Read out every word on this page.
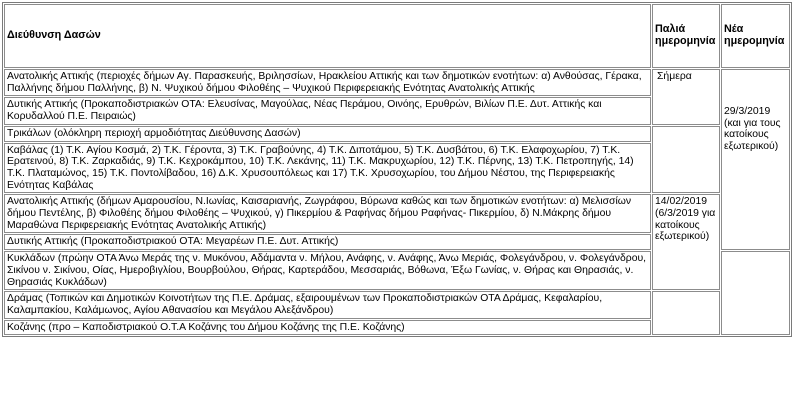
Διεύθυνση Δασών	Παλιά ημερομηνία	Νέα ημερομηνία
Ανατολικής Αττικής (περιοχές δήμων Αγ. Παρασκευής, Βριλησσίων, Ηρακλείου Αττικής και των δημοτικών ενοτήτων: α) Ανθούσας, Γέρακα, Παλλήνης δήμου Παλλήνης, β) Ν. Ψυχικού δήμου Φιλοθέης – Ψυχικού Περιφερειακής Ενότητας Ανατολικής Αττικής	Σήμερα	29/3/2019 (και για τους κατοίκους εξωτερικού)
Δυτικής Αττικής (Προκαποδιστριακών ΟΤΑ: Ελευσίνας, Μαγούλας, Νέας Περάμου, Οινόης, Ερυθρών, Βιλίων Π.Ε. Δυτ. Αττικής και Κορυδαλλού Π.Ε. Πειραιώς)		
Τρικάλων (ολόκληρη περιοχή αρμοδιότητας Διεύθυνσης Δασών)		
Καβάλας (1) Τ.Κ. Αγίου Κοσμά, 2) Τ.Κ. Γέροντα, 3) Τ.Κ. Γραβούνης, 4) Τ.Κ. Διποτάμου, 5) Τ.Κ. Δυσβάτου, 6) Τ.Κ. Ελαφοχωρίου, 7) Τ.Κ. Ερατεινού, 8) Τ.Κ. Ζαρκαδιάς, 9) Τ.Κ. Κεχροκάμπου, 10) Τ.Κ. Λεκάνης, 11) Τ.Κ. Μακρυχωρίου, 12) Τ.Κ. Πέρνης, 13) Τ.Κ. Πετροπηγής, 14) Τ.Κ. Πλαταμώνος, 15) Τ.Κ. Ποντολίβαδου, 16) Δ.Κ. Χρυσουπόλεως και 17) Τ.Κ. Χρυσοχωρίου, του Δήμου Νέστου, της Περιφερειακής Ενότητας Καβάλας		
Ανατολικής Αττικής (δήμων Αμαρουσίου, Ν.Ιωνίας, Καισαριανής, Ζωγράφου, Βύρωνα καθώς και των δημοτικών ενοτήτων: α) Μελισσίων δήμου Πεντέλης, β) Φιλοθέης δήμου Φιλοθέης – Ψυχικού, γ) Πικερμίου & Ραφήνας δήμου Ραφήνας- Πικερμίου, δ) Ν.Μάκρης δήμου Μαραθώνα Περιφερειακής Ενότητας Ανατολικής Αττικής)	14/02/2019 (6/3/2019 για κατοίκους εξωτερικού)	
Δυτικής Αττικής (Προκαποδιστριακού ΟΤΑ: Μεγαρέων Π.Ε. Δυτ. Αττικής)		
Κυκλάδων (πρώην ΟΤΑ Άνω Μεράς της ν. Μυκόνου, Αδάμαντα ν. Μήλου, Ανάφης, ν. Ανάφης, Άνω Μεριάς, Φολεγάνδρου, ν. Φολεγάνδρου, Σικίνου ν. Σικίνου, Οίας, Ημεροβιγλίου, Βουρβούλου, Θήρας, Καρτεράδου, Μεσσαριάς, Βόθωνα, Έξω Γωνίας, ν. Θήρας και Θηρασιάς, ν. Θηρασιάς Κυκλάδων)		
Δράμας (Τοπικών και Δημοτικών Κοινοτήτων της Π.Ε. Δράμας, εξαιρουμένων των Προκαποδιστριακών ΟΤΑ Δράμας, Κεφαλαρίου, Καλαμπακίου, Καλάμωνος, Αγίου Αθανασίου και Μεγάλου Αλεξάνδρου)		
Κοζάνης (προ – Καποδιστριακού Ο.Τ.Α Κοζάνης του Δήμου Κοζάνης της Π.Ε. Κοζάνης)		
